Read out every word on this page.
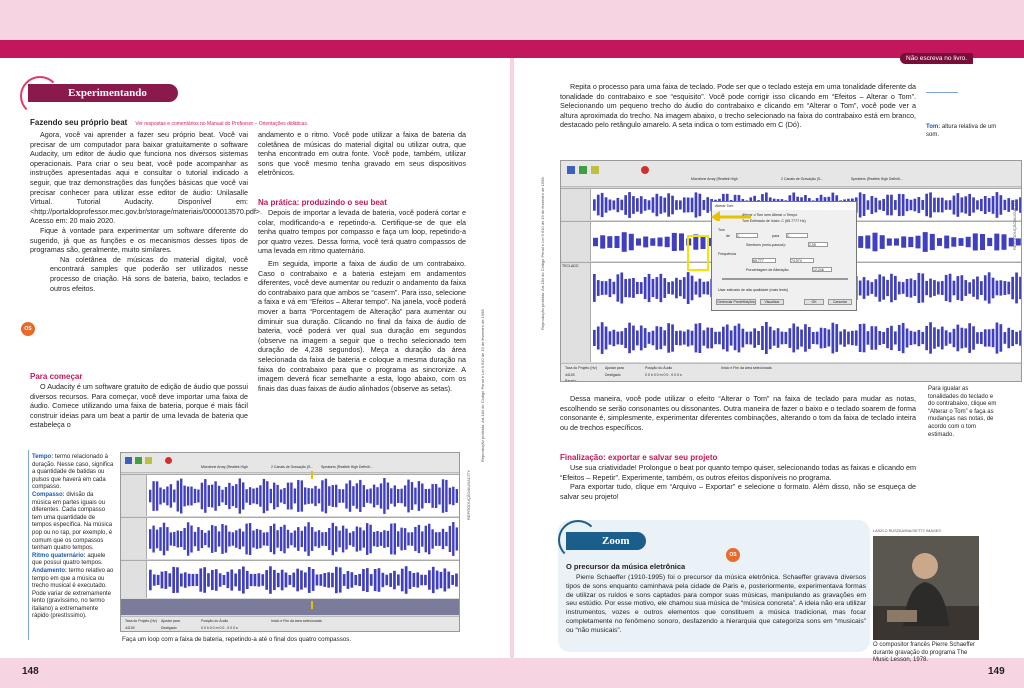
148	149
Não escreva no livro.
Experimentando
Fazendo seu próprio beat Ver respostas e comentários no Manual do Professor – Orientações didáticas.

Agora, você vai aprender a fazer seu próprio beat. Você vai precisar de um computador para baixar gratuitamente o software Audacity, um editor de áudio que funciona nos diversos sistemas operacionais. Para criar o seu beat, você pode acompanhar as instruções apresentadas aqui e consultar o tutorial indicado a seguir, que traz demonstrações das funções básicas que você vai precisar conhecer para utilizar esse editor de áudio: Unilasalle Virtual. Tutorial Audacity. Disponível em: <http://portaldoprofessor.mec.gov.br/storage/materiais/0000013570.pdf>. Acesso em: 20 maio 2020.

Fique à vontade para experimentar um software diferente do sugerido, já que as funções e os mecanismos desses tipos de programas são, geralmente, muito similares.

Na coletânea de músicas do material digital, você encontrará samples que poderão ser utilizados nesse processo de criação. Há sons de bateria, baixo, teclados e outros efeitos.

OS
Para começar

O Audacity é um software gratuito de edição de áudio que possui diversos recursos. Para começar, você deve importar uma faixa de áudio. Comece utilizando uma faixa de bateria, porque é mais fácil construir ideias para um beat a partir de uma levada de bateria que estabeleça o

andamento e o ritmo. Você pode utilizar a faixa de bateria da coletânea de músicas do material digital ou utilizar outra, que tenha encontrado em outra fonte. Você pode, também, utilizar sons que você mesmo tenha gravado em seus dispositivos eletrônicos.

Na prática: produzindo o seu beat

Depois de importar a levada de bateria, você poderá cortar e colar, modificando-a e repetindo-a. Certifique-se de que ela tenha quatro tempos por compasso e faça um loop, repetindo-a por quatro vezes. Dessa forma, você terá quatro compassos de uma levada em ritmo quaternário.

Em seguida, importe a faixa de áudio de um contrabaixo. Caso o contrabaixo e a bateria estejam em andamentos diferentes, você deve aumentar ou reduzir o andamento da faixa do contrabaixo para que ambos se “casem”. Para isso, selecione a faixa e vá em “Efeitos – Alterar tempo”. Na janela, você poderá mover a barra “Porcentagem de Alteração” para aumentar ou diminuir sua duração. Clicando no final da faixa de áudio de bateria, você poderá ver qual sua duração em segundos (observe na imagem a seguir que o trecho selecionado tem duração de 4,238 segundos). Meça a duração da área selecionada da faixa de bateria e coloque a mesma duração na faixa do contrabaixo para que o programa as sincronize. A imagem deverá ficar semelhante a esta, logo abaixo, com os finais das duas faixas de áudio alinhados (observe as setas).	Reprodução proibida. Art.184 do Código Penal e Lei 9.610 de 19 de fevereiro de 1998.
Tempo: termo relacionado à duração. Nesse caso, significa a quantidade de batidas ou pulsos que haverá em cada compasso.
Compasso: divisão da música em partes iguais ou diferentes. Cada compasso tem uma quantidade de tempos específica. Na música pop ou no rap, por exemplo, é comum que os compassos tenham quatro tempos.
Ritmo quaternário: aquele que possui quatro tempos.
Andamento: termo relativo ao tempo em que a música ou trecho musical é executado. Pode variar de extremamente lento (gravíssimo, no termo italiano) a extremamente rápido (prestíssimo).
Microfone Array (Realtek High	2 Canais de Gravação (S... Speakers (Realtek High Definiti...
Taxa do Projeto (Hz)
44100
Ajustar para
Desligado
Posição do Áudio
0 0 h 0 0 m 0 0 . 0 0 0 s
Início e Fim da área selecionada
REPRODUÇÃO/AUDACITY
Faça um loop com a faixa de bateria, repetindo-a até o final dos quatro compassos.
Reprodução proibida. Art.184 do Código Penal e Lei 9.610 de 19 de fevereiro de 1998.

Repita o processo para uma faixa de teclado. Pode ser que o teclado esteja em uma tonalidade diferente da tonalidade do contrabaixo e soe “esquisito”. Você pode corrigir isso clicando em “Efeitos – Alterar o Tom”. Selecionando um pequeno trecho do áudio do contrabaixo e clicando em “Alterar o Tom”, você pode ver a altura aproximada do trecho. Na imagem abaixo, o trecho selecionado na faixa do contrabaixo está em branco, destacado pelo retângulo amarelo. A seta indica o tom estimado em C (Dó).	Tom: altura relativa de um som.
Microfone Array (Realtek High	2 Canais de Gravação (S...	Speakers (Realtek High Definiti...
TECLADO
Alterar Tom
Alterar o Tom sem Alterar o Tempo
Tom Estimado de Início: C (65.7777 Hz)
Tom
de C	para C
Semitons (meio-passos):	2,05
Frequência
65,777	74,074
Porcentagem de Alteração:	12,246
Usar esticado de alta qualidade (mais lento)
Gerenciar Predefinições	Visualizar	OK	Cancelar
Taxa do Projeto (Hz)
44100
Ajustar para
Desligado
Posição do Áudio
0 0 h 0 0 m 0 0 . 0 0 0 s
Início e Fim da área selecionada
Parado.
REPRODUÇÃO/AUDACITY
Para igualar as tonalidades do teclado e do contrabaixo, clique em “Alterar o Tom” e faça as mudanças nas notas, de acordo com o tom estimado.

Dessa maneira, você pode utilizar o efeito “Alterar o Tom” na faixa de teclado para mudar as notas, escolhendo se serão consonantes ou dissonantes. Outra maneira de fazer o baixo e o teclado soarem de forma consonante é, simplesmente, experimentar diferentes combinações, alterando o tom da faixa de teclado inteira ou de trechos específicos.

Finalização: exportar e salvar seu projeto

Use sua criatividade! Prolongue o beat por quanto tempo quiser, selecionando todas as faixas e clicando em “Efeitos – Repetir”. Experimente, também, os outros efeitos disponíveis no programa.

Para exportar tudo, clique em “Arquivo – Exportar” e selecione o formato. Além disso, não se esqueça de salvar seu projeto!

Zoom
OS
O precursor da música eletrônica

Pierre Schaeffer (1910-1995) foi o precursor da música eletrônica. Schaeffer gravava diversos tipos de sons enquanto caminhava pela cidade de Paris e, posteriormente, experimentava formas de utilizar os ruídos e sons captados para compor suas músicas, manipulando as gravações em seu estúdio. Por esse motivo, ele chamou sua música de “música concreta”. A ideia não era utilizar instrumentos, vozes e outros elementos que constituem a música tradicional, mas focar completamente no fenômeno sonoro, desfazendo a hierarquia que categoriza sons em “musicais” ou “não musicais”.

LASZLO RUSZKA/INA/GETTY IMAGES
O compositor francês Pierre Schaeffer durante gravação do programa The Music Lesson, 1978.
